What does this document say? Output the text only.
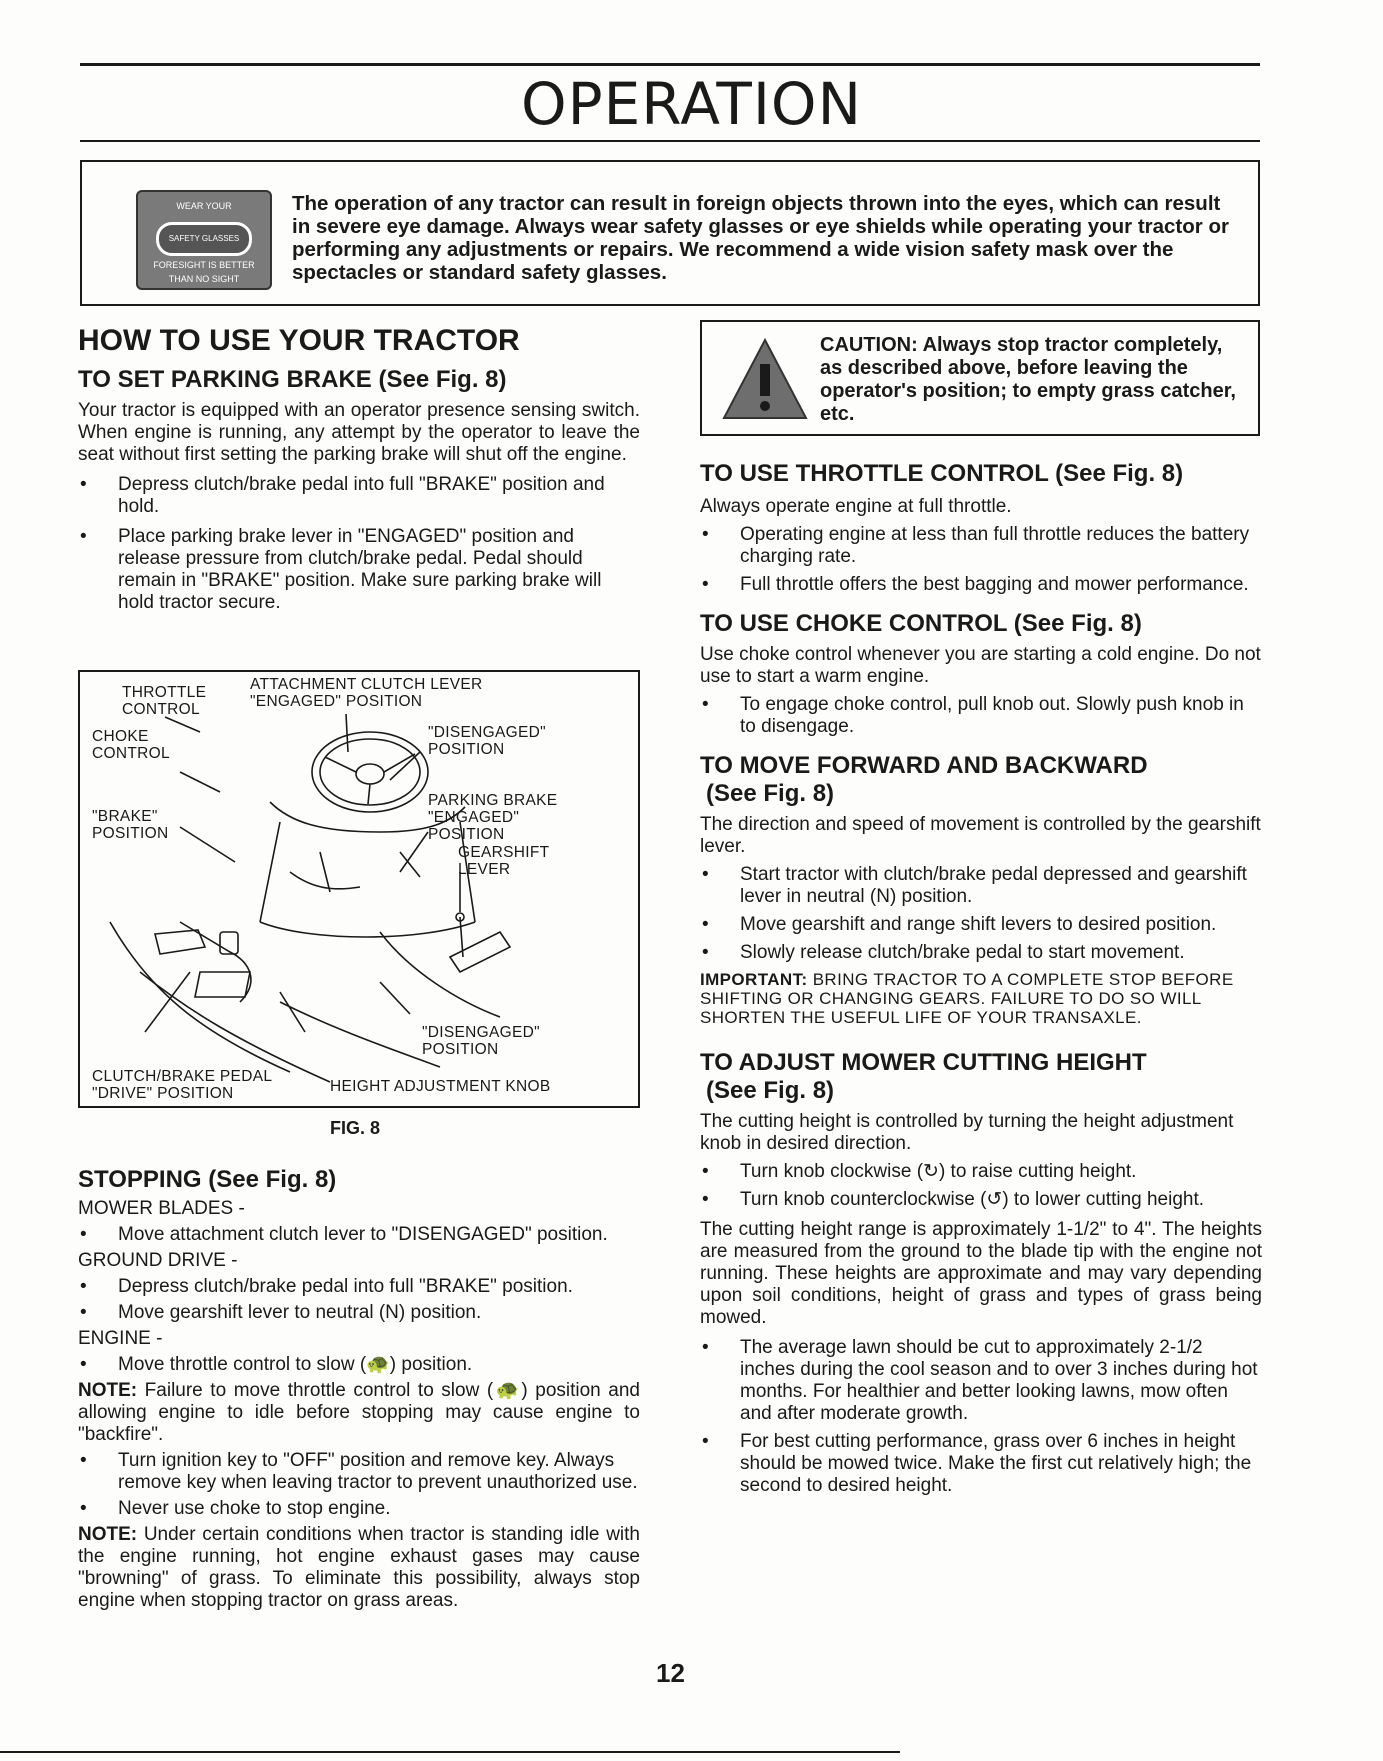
OPERATION
WEAR YOUR
SAFETY GLASSES
FORESIGHT IS BETTER
THAN NO SIGHT
The operation of any tractor can result in foreign objects thrown into the eyes, which can result in severe eye damage. Always wear safety glasses or eye shields while operating your tractor or performing any adjustments or repairs. We recommend a wide vision safety mask over the spectacles or standard safety glasses.
HOW TO USE YOUR TRACTOR
TO SET PARKING BRAKE (See Fig. 8)

Your tractor is equipped with an operator presence sensing switch. When engine is running, any attempt by the operator to leave the seat without first setting the parking brake will shut off the engine.

• Depress clutch/brake pedal into full "BRAKE" position and hold.
• Place parking brake lever in "ENGAGED" position and release pressure from clutch/brake pedal. Pedal should remain in "BRAKE" position. Make sure parking brake will hold tractor secure.
THROTTLE CONTROL
ATTACHMENT CLUTCH LEVER "ENGAGED" POSITION
CHOKE CONTROL
"DISENGAGED" POSITION
"BRAKE" POSITION
PARKING BRAKE "ENGAGED" POSITION
GEARSHIFT LEVER
"DISENGAGED" POSITION
CLUTCH/BRAKE PEDAL "DRIVE" POSITION	HEIGHT ADJUSTMENT KNOB
FIG. 8
STOPPING (See Fig. 8)

MOWER BLADES -

• Move attachment clutch lever to "DISENGAGED" position.

GROUND DRIVE -

• Depress clutch/brake pedal into full "BRAKE" position.
• Move gearshift lever to neutral (N) position.

ENGINE -

• Move throttle control to slow (🐢) position.

NOTE: Failure to move throttle control to slow (🐢) position and allowing engine to idle before stopping may cause engine to "backfire".

• Turn ignition key to "OFF" position and remove key. Always remove key when leaving tractor to prevent unauthorized use.
• Never use choke to stop engine.

NOTE: Under certain conditions when tractor is standing idle with the engine running, hot engine exhaust gases may cause "browning" of grass. To eliminate this possibility, always stop engine when stopping tractor on grass areas.

12
CAUTION: Always stop tractor completely, as described above, before leaving the operator's position; to empty grass catcher, etc.
TO USE THROTTLE CONTROL (See Fig. 8)

Always operate engine at full throttle.

• Operating engine at less than full throttle reduces the battery charging rate.
• Full throttle offers the best bagging and mower performance.
TO USE CHOKE CONTROL (See Fig. 8)

Use choke control whenever you are starting a cold engine. Do not use to start a warm engine.

• To engage choke control, pull knob out. Slowly push knob in to disengage.
TO MOVE FORWARD AND BACKWARD
(See Fig. 8)

The direction and speed of movement is controlled by the gearshift lever.

• Start tractor with clutch/brake pedal depressed and gearshift lever in neutral (N) position.
• Move gearshift and range shift levers to desired position.
• Slowly release clutch/brake pedal to start movement.

IMPORTANT: BRING TRACTOR TO A COMPLETE STOP BEFORE SHIFTING OR CHANGING GEARS. FAILURE TO DO SO WILL SHORTEN THE USEFUL LIFE OF YOUR TRANSAXLE.

TO ADJUST MOWER CUTTING HEIGHT
(See Fig. 8)

The cutting height is controlled by turning the height adjustment knob in desired direction.

• Turn knob clockwise (↻) to raise cutting height.
• Turn knob counterclockwise (↺) to lower cutting height.

The cutting height range is approximately 1-1/2" to 4". The heights are measured from the ground to the blade tip with the engine not running. These heights are approximate and may vary depending upon soil conditions, height of grass and types of grass being mowed.

• The average lawn should be cut to approximately 2-1/2 inches during the cool season and to over 3 inches during hot months. For healthier and better looking lawns, mow often and after moderate growth.
• For best cutting performance, grass over 6 inches in height should be mowed twice. Make the first cut relatively high; the second to desired height.
